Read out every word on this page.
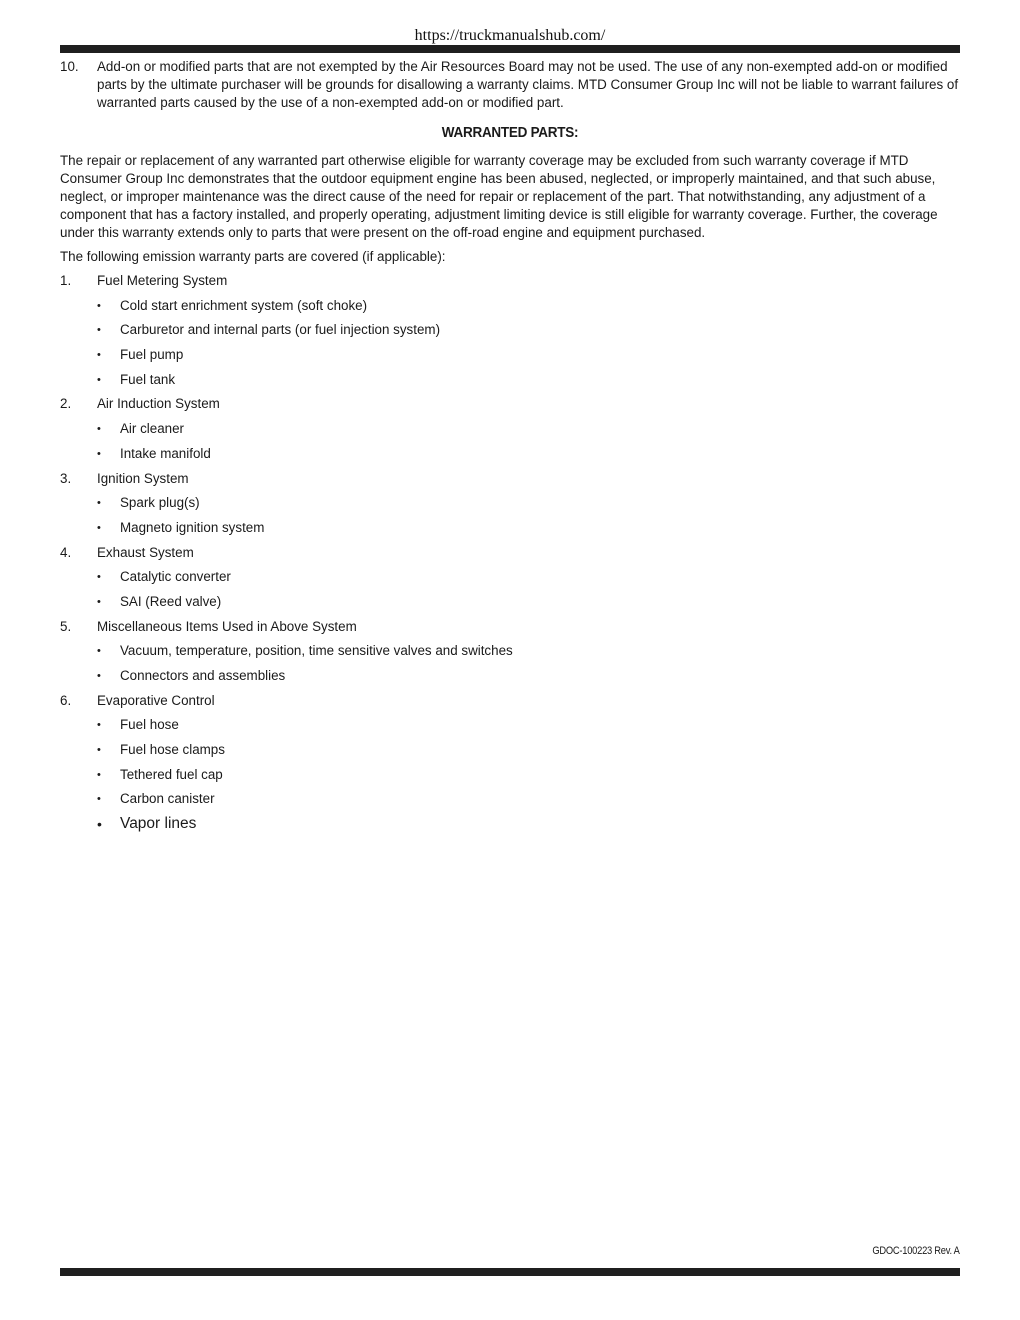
https://truckmanualshub.com/
10.	Add-on or modified parts that are not exempted by the Air Resources Board may not be used. The use of any non-exempted add-on or modified parts by the ultimate purchaser will be grounds for disallowing a warranty claims. MTD Consumer Group Inc will not be liable to warrant failures of warranted parts caused by the use of a non-exempted add-on or modified part.
WARRANTED PARTS:

The repair or replacement of any warranted part otherwise eligible for warranty coverage may be excluded from such warranty coverage if MTD Consumer Group Inc demonstrates that the outdoor equipment engine has been abused, neglected, or improperly maintained, and that such abuse, neglect, or improper maintenance was the direct cause of the need for repair or replacement of the part. That notwithstanding, any adjustment of a component that has a factory installed, and properly operating, adjustment limiting device is still eligible for warranty coverage. Further, the coverage under this warranty extends only to parts that were present on the off-road engine and equipment purchased.

The following emission warranty parts are covered (if applicable):

1.	Fuel Metering System
•	Cold start enrichment system (soft choke)
•	Carburetor and internal parts (or fuel injection system)
•	Fuel pump
•	Fuel tank
2.	Air Induction System
•	Air cleaner
•	Intake manifold
3.	Ignition System
•	Spark plug(s)
•	Magneto ignition system
4.	Exhaust System
•	Catalytic converter
•	SAI (Reed valve)
5.	Miscellaneous Items Used in Above System
•	Vacuum, temperature, position, time sensitive valves and switches
•	Connectors and assemblies
6.	Evaporative Control
•	Fuel hose
•	Fuel hose clamps
•	Tethered fuel cap
•	Carbon canister
•	Vapor lines
GDOC-100223 Rev. A
